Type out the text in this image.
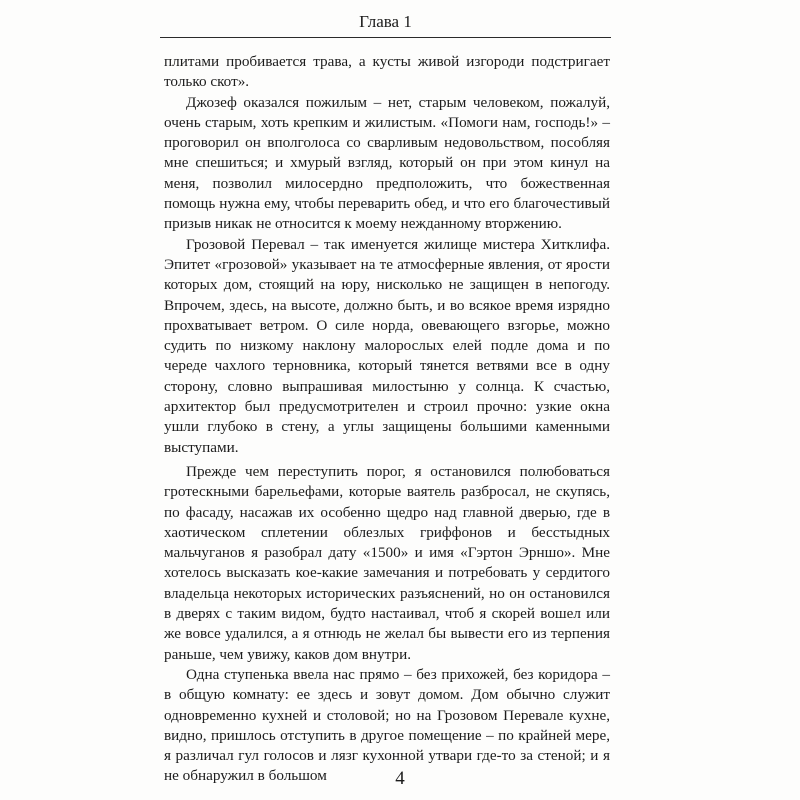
Глава 1

плитами пробивается трава, а кусты живой изгороди подстригает только скот».

Джозеф оказался пожилым – нет, старым человеком, пожалуй, очень старым, хоть крепким и жилистым. «Помоги нам, господь!» – проговорил он вполголоса со сварливым недовольством, пособляя мне спешиться; и хмурый взгляд, который он при этом кинул на меня, позволил милосердно предположить, что божественная помощь нужна ему, чтобы переварить обед, и что его благочестивый призыв никак не относится к моему нежданному вторжению.

Грозовой Перевал – так именуется жилище мистера Хитклифа. Эпитет «грозовой» указывает на те атмосферные явления, от ярости которых дом, стоящий на юру, нисколько не защищен в непогоду. Впрочем, здесь, на высоте, должно быть, и во всякое время изрядно прохватывает ветром. О силе норда, овевающего взгорье, можно судить по низкому наклону малорослых елей подле дома и по череде чахлого терновника, который тянется ветвями все в одну сторону, словно выпрашивая милостыню у солнца. К счастью, архитектор был предусмотрителен и строил прочно: узкие окна ушли глубоко в стену, а углы защищены большими каменными выступами.

Прежде чем переступить порог, я остановился полюбоваться гротескными барельефами, которые ваятель разбросал, не скупясь, по фасаду, насажав их особенно щедро над главной дверью, где в хаотическом сплетении облезлых гриффонов и бесстыдных мальчуганов я разобрал дату «1500» и имя «Гэртон Эрншо». Мне хотелось высказать кое-какие замечания и потребовать у сердитого владельца некоторых исторических разъяснений, но он остановился в дверях с таким видом, будто настаивал, чтоб я скорей вошел или же вовсе удалился, а я отнюдь не желал бы вывести его из терпения раньше, чем увижу, каков дом внутри.

Одна ступенька ввела нас прямо – без прихожей, без коридора – в общую комнату: ее здесь и зовут домом. Дом обычно служит одновременно кухней и столовой; но на Грозовом Перевале кухне, видно, пришлось отступить в другое помещение – по крайней мере, я различал гул голосов и лязг кухонной утвари где-то за стеной; и я не обнаружил в большом	4
